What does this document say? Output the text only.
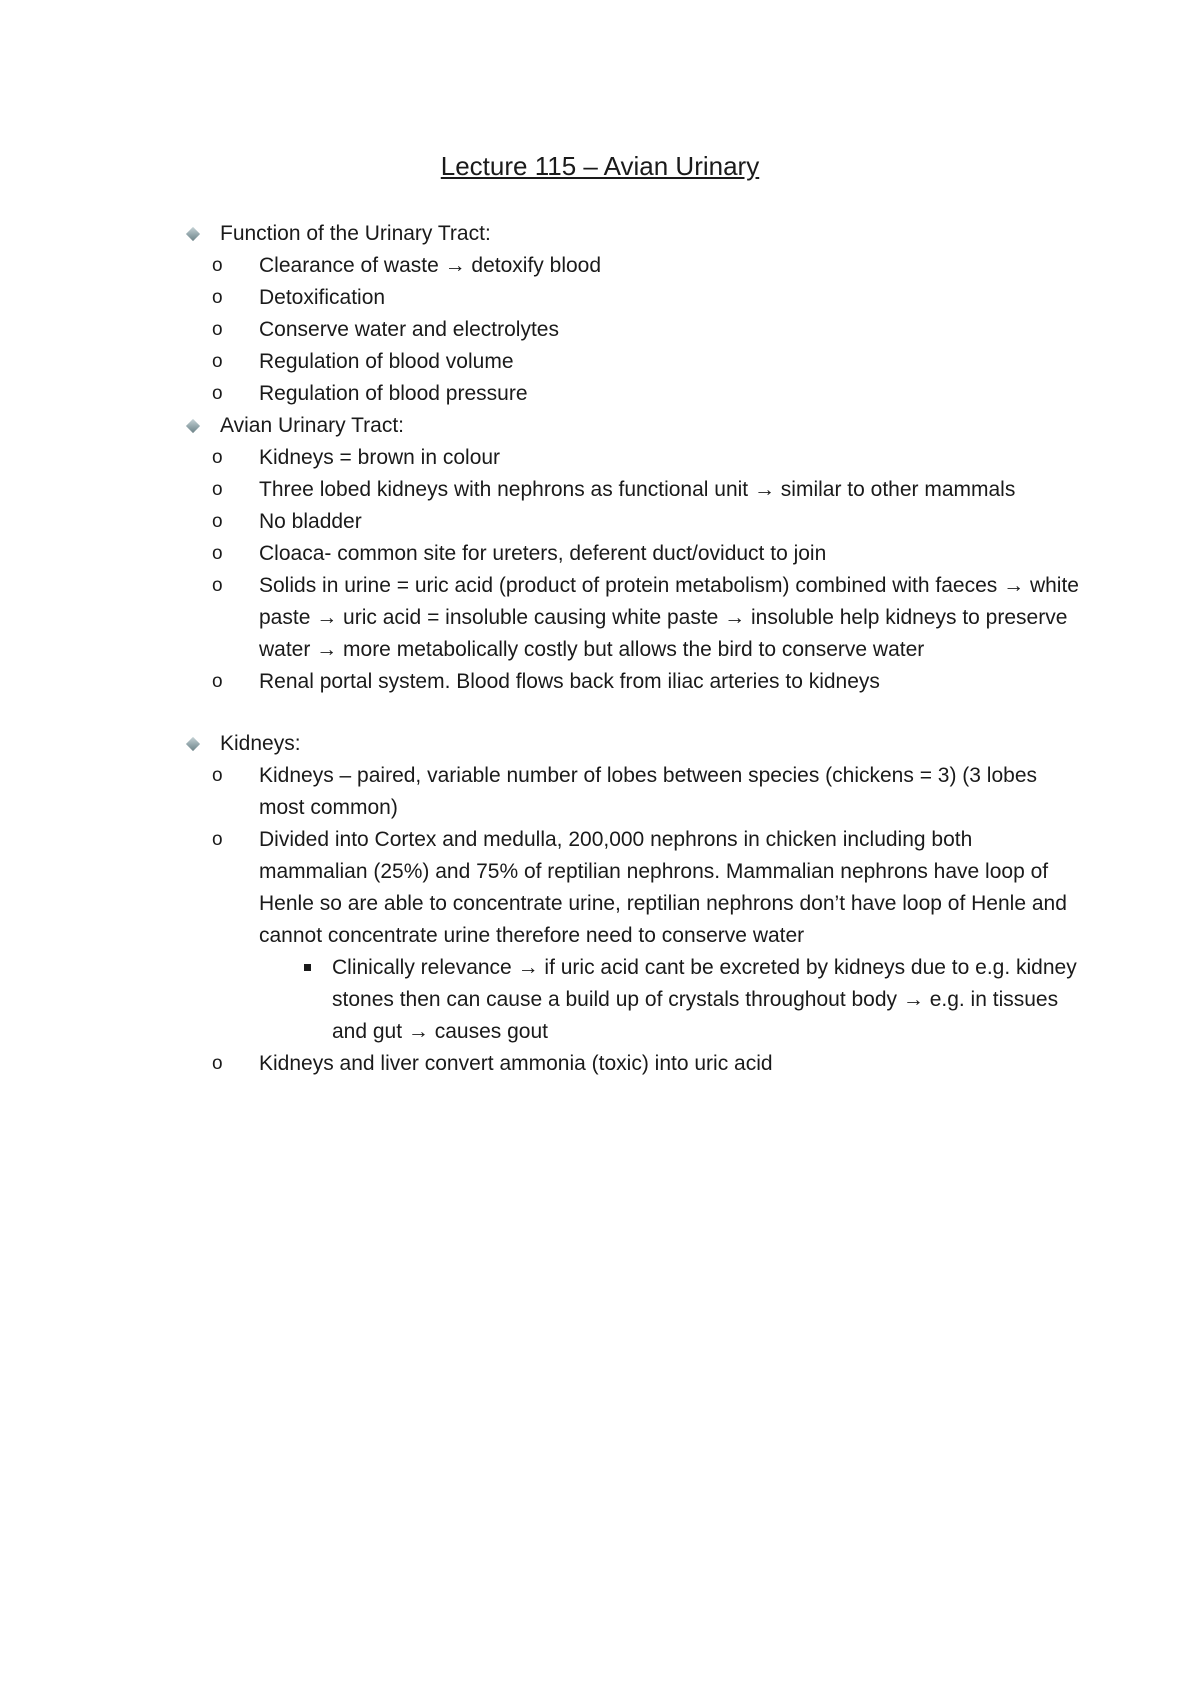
Lecture 115 – Avian Urinary
Function of the Urinary Tract:
o Clearance of waste → detoxify blood
o Detoxification
o Conserve water and electrolytes
o Regulation of blood volume
o Regulation of blood pressure
Avian Urinary Tract:
o Kidneys = brown in colour
o Three lobed kidneys with nephrons as functional unit → similar to other mammals
o No bladder
o Cloaca- common site for ureters, deferent duct/oviduct to join
o Solids in urine = uric acid (product of protein metabolism) combined with faeces → white paste → uric acid = insoluble causing white paste → insoluble help kidneys to preserve water → more metabolically costly but allows the bird to conserve water
o Renal portal system. Blood flows back from iliac arteries to kidneys
Kidneys:
o Kidneys – paired, variable number of lobes between species (chickens = 3) (3 lobes most common)
o Divided into Cortex and medulla, 200,000 nephrons in chicken including both mammalian (25%) and 75% of reptilian nephrons. Mammalian nephrons have loop of Henle so are able to concentrate urine, reptilian nephrons don’t have loop of Henle and cannot concentrate urine therefore need to conserve water
Clinically relevance → if uric acid cant be excreted by kidneys due to e.g. kidney stones then can cause a build up of crystals throughout body → e.g. in tissues and gut → causes gout
o Kidneys and liver convert ammonia (toxic) into uric acid
